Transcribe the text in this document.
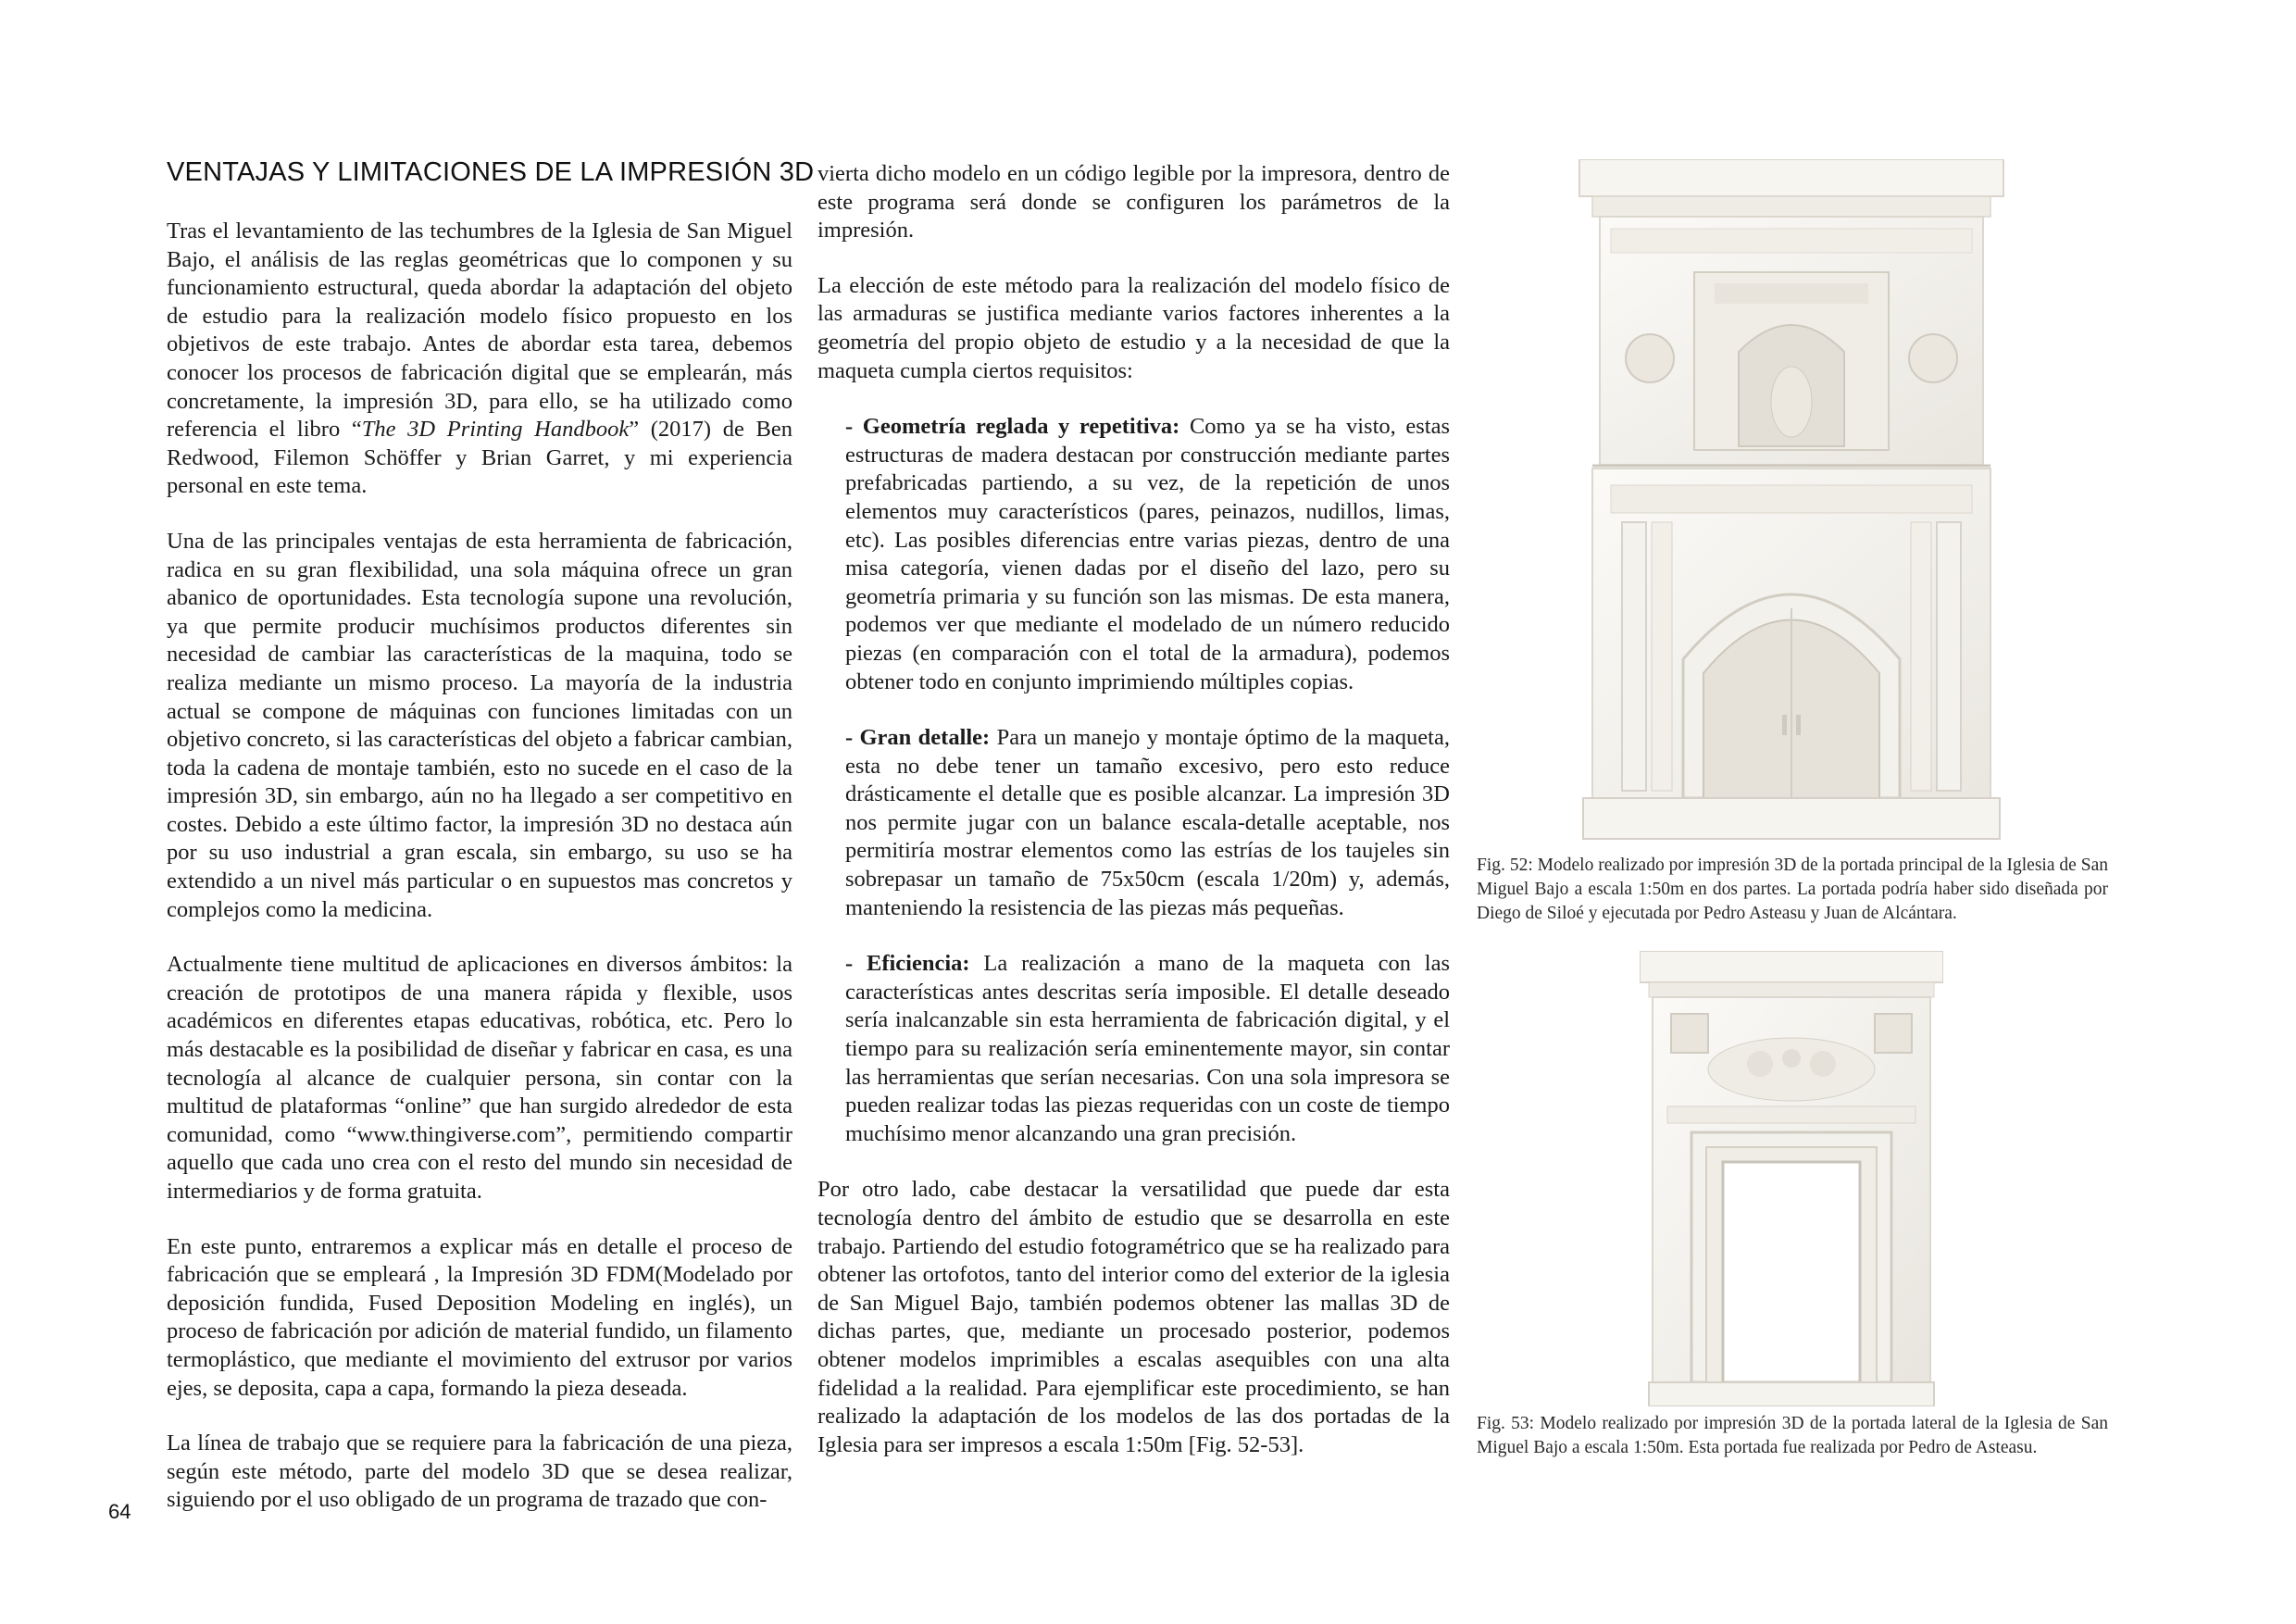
VENTAJAS Y LIMITACIONES DE LA IMPRESIÓN 3D

Tras el levantamiento de las techumbres de la Iglesia de San Miguel Bajo, el análisis de las reglas geométricas que lo componen y su funcionamiento estructural, queda abordar la adaptación del objeto de estudio para la realización modelo físico propuesto en los objetivos de este trabajo. Antes de abordar esta tarea, debemos conocer los procesos de fabricación digital que se emplearán, más concretamente, la impresión 3D, para ello, se ha utilizado como referencia el libro “The 3D Printing Handbook” (2017) de Ben Redwood, Filemon Schöffer y Brian Garret, y mi experiencia personal en este tema.

Una de las principales ventajas de esta herramienta de fabricación, radica en su gran flexibilidad, una sola máquina ofrece un gran abanico de oportunidades. Esta tecnología supone una revolución, ya que permite producir muchísimos productos diferentes sin necesidad de cambiar las características de la maquina, todo se realiza mediante un mismo proceso. La mayoría de la industria actual se compone de máquinas con funciones limitadas con un objetivo concreto, si las características del objeto a fabricar cambian, toda la cadena de montaje también, esto no sucede en el caso de la impresión 3D, sin embargo, aún no ha llegado a ser competitivo en costes. Debido a este último factor, la impresión 3D no destaca aún por su uso industrial a gran escala, sin embargo, su uso se ha extendido a un nivel más particular o en supuestos mas concretos y complejos como la medicina.

Actualmente tiene multitud de aplicaciones en diversos ámbitos: la creación de prototipos de una manera rápida y flexible, usos académicos en diferentes etapas educativas, robótica, etc. Pero lo más destacable es la posibilidad de diseñar y fabricar en casa, es una tecnología al alcance de cualquier persona, sin contar con la multitud de plataformas “online” que han surgido alrededor de esta comunidad, como “www.thingiverse.com”, permitiendo compartir aquello que cada uno crea con el resto del mundo sin necesidad de intermediarios y de forma gratuita.

En este punto, entraremos a explicar más en detalle el proceso de fabricación que se empleará , la Impresión 3D FDM(Modelado por deposición fundida, Fused Deposition Modeling en inglés), un proceso de fabricación por adición de material fundido, un filamento termoplástico, que mediante el movimiento del extrusor por varios ejes, se deposita, capa a capa, formando la pieza deseada.

La línea de trabajo que se requiere para la fabricación de una pieza, según este método, parte del modelo 3D que se desea realizar, siguiendo por el uso obligado de un programa de trazado que con-

vierta dicho modelo en un código legible por la impresora, dentro de este programa será donde se configuren los parámetros de la impresión.

La elección de este método para la realización del modelo físico de las armaduras se justifica mediante varios factores inherentes a la geometría del propio objeto de estudio y a la necesidad de que la maqueta cumpla ciertos requisitos:

- Geometría reglada y repetitiva: Como ya se ha visto, estas estructuras de madera destacan por construcción mediante partes prefabricadas partiendo, a su vez, de la repetición de unos elementos muy característicos (pares, peinazos, nudillos, limas, etc). Las posibles diferencias entre varias piezas, dentro de una misa categoría, vienen dadas por el diseño del lazo, pero su geometría primaria y su función son las mismas. De esta manera, podemos ver que mediante el modelado de un número reducido piezas (en comparación con el total de la armadura), podemos obtener todo en conjunto imprimiendo múltiples copias.

- Gran detalle: Para un manejo y montaje óptimo de la maqueta, esta no debe tener un tamaño excesivo, pero esto reduce drásticamente el detalle que es posible alcanzar. La impresión 3D nos permite jugar con un balance escala-detalle aceptable, nos permitiría mostrar elementos como las estrías de los taujeles sin sobrepasar un tamaño de 75x50cm (escala 1/20m) y, además, manteniendo la resistencia de las piezas más pequeñas.

- Eficiencia: La realización a mano de la maqueta con las características antes descritas sería imposible. El detalle deseado sería inalcanzable sin esta herramienta de fabricación digital, y el tiempo para su realización sería eminentemente mayor, sin contar las herramientas que serían necesarias. Con una sola impresora se pueden realizar todas las piezas requeridas con un coste de tiempo muchísimo menor alcanzando una gran precisión.

Por otro lado, cabe destacar la versatilidad que puede dar esta tecnología dentro del ámbito de estudio que se desarrolla en este trabajo. Partiendo del estudio fotogramétrico que se ha realizado para obtener las ortofotos, tanto del interior como del exterior de la iglesia de San Miguel Bajo, también podemos obtener las mallas 3D de dichas partes, que, mediante un procesado posterior, podemos obtener modelos imprimibles a escalas asequibles con una alta fidelidad a la realidad. Para ejemplificar este procedimiento, se han realizado la adaptación de los modelos de las dos portadas de la Iglesia para ser impresos a escala 1:50m [Fig. 52-53].

Fig. 52: Modelo realizado por impresión 3D de la portada principal de la Iglesia de San Miguel Bajo a escala 1:50m en dos partes. La portada podría haber sido diseñada por Diego de Siloé y ejecutada por Pedro Asteasu y Juan de Alcántara.
Fig. 53: Modelo realizado por impresión 3D de la portada lateral de la Iglesia de San Miguel Bajo a escala 1:50m. Esta portada fue realizada por Pedro de Asteasu.
64
